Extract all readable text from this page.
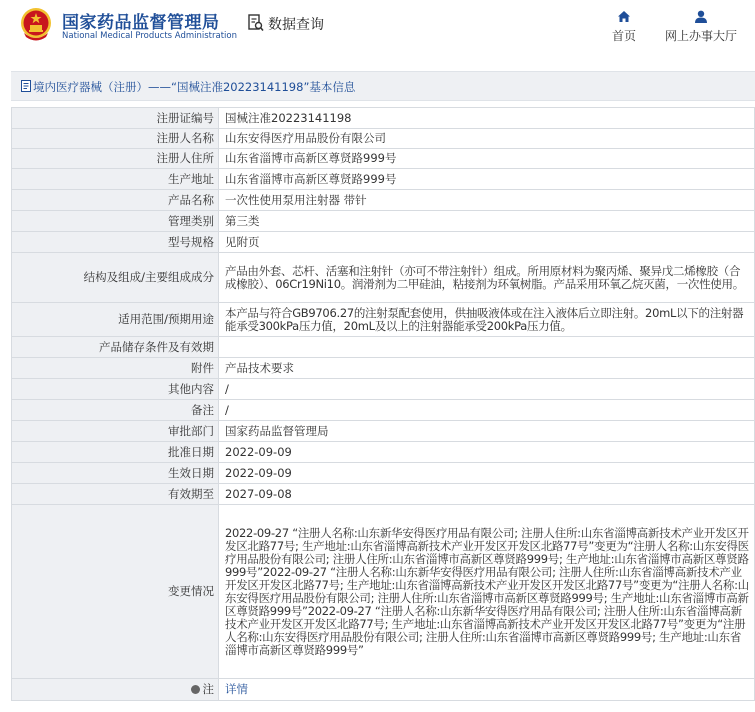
国家药品监督管理局
National Medical Products Administration
数据查询
首页	网上办事大厅
境内医疗器械（注册）——“国械注准20223141198”基本信息
注册证编号	国械注准20223141198
注册人名称	山东安得医疗用品股份有限公司
注册人住所	山东省淄博市高新区尊贤路999号
生产地址	山东省淄博市高新区尊贤路999号
产品名称	一次性使用泵用注射器 带针
管理类别	第三类
型号规格	见附页
结构及组成/主要组成成分	产品由外套、芯杆、活塞和注射针（亦可不带注射针）组成。所用原材料为聚丙烯、聚异戊二烯橡胶（合成橡胶）、06Cr19Ni10。润滑剂为二甲硅油，粘接剂为环氧树脂。产品采用环氧乙烷灭菌，一次性使用。
适用范围/预期用途	本产品与符合GB9706.27的注射泵配套使用，供抽吸液体或在注入液体后立即注射。20mL以下的注射器能承受300kPa压力值，20mL及以上的注射器能承受200kPa压力值。
产品储存条件及有效期	
附件	产品技术要求
其他内容	/
备注	/
审批部门	国家药品监督管理局
批准日期	2022-09-09
生效日期	2022-09-09
有效期至	2027-09-08
变更情况	2022-09-27 “注册人名称:山东新华安得医疗用品有限公司; 注册人住所:山东省淄博高新技术产业开发区开发区北路77号; 生产地址:山东省淄博高新技术产业开发区开发区北路77号”变更为“注册人名称:山东安得医疗用品股份有限公司; 注册人住所:山东省淄博市高新区尊贤路999号; 生产地址:山东省淄博市高新区尊贤路999号”2022-09-27 “注册人名称:山东新华安得医疗用品有限公司; 注册人住所:山东省淄博高新技术产业开发区开发区北路77号; 生产地址:山东省淄博高新技术产业开发区开发区北路77号”变更为“注册人名称:山东安得医疗用品股份有限公司; 注册人住所:山东省淄博市高新区尊贤路999号; 生产地址:山东省淄博市高新区尊贤路999号”2022-09-27 “注册人名称:山东新华安得医疗用品有限公司; 注册人住所:山东省淄博高新技术产业开发区开发区北路77号; 生产地址:山东省淄博高新技术产业开发区开发区北路77号”变更为“注册人名称:山东安得医疗用品股份有限公司; 注册人住所:山东省淄博市高新区尊贤路999号; 生产地址:山东省淄博市高新区尊贤路999号”
注	详情
